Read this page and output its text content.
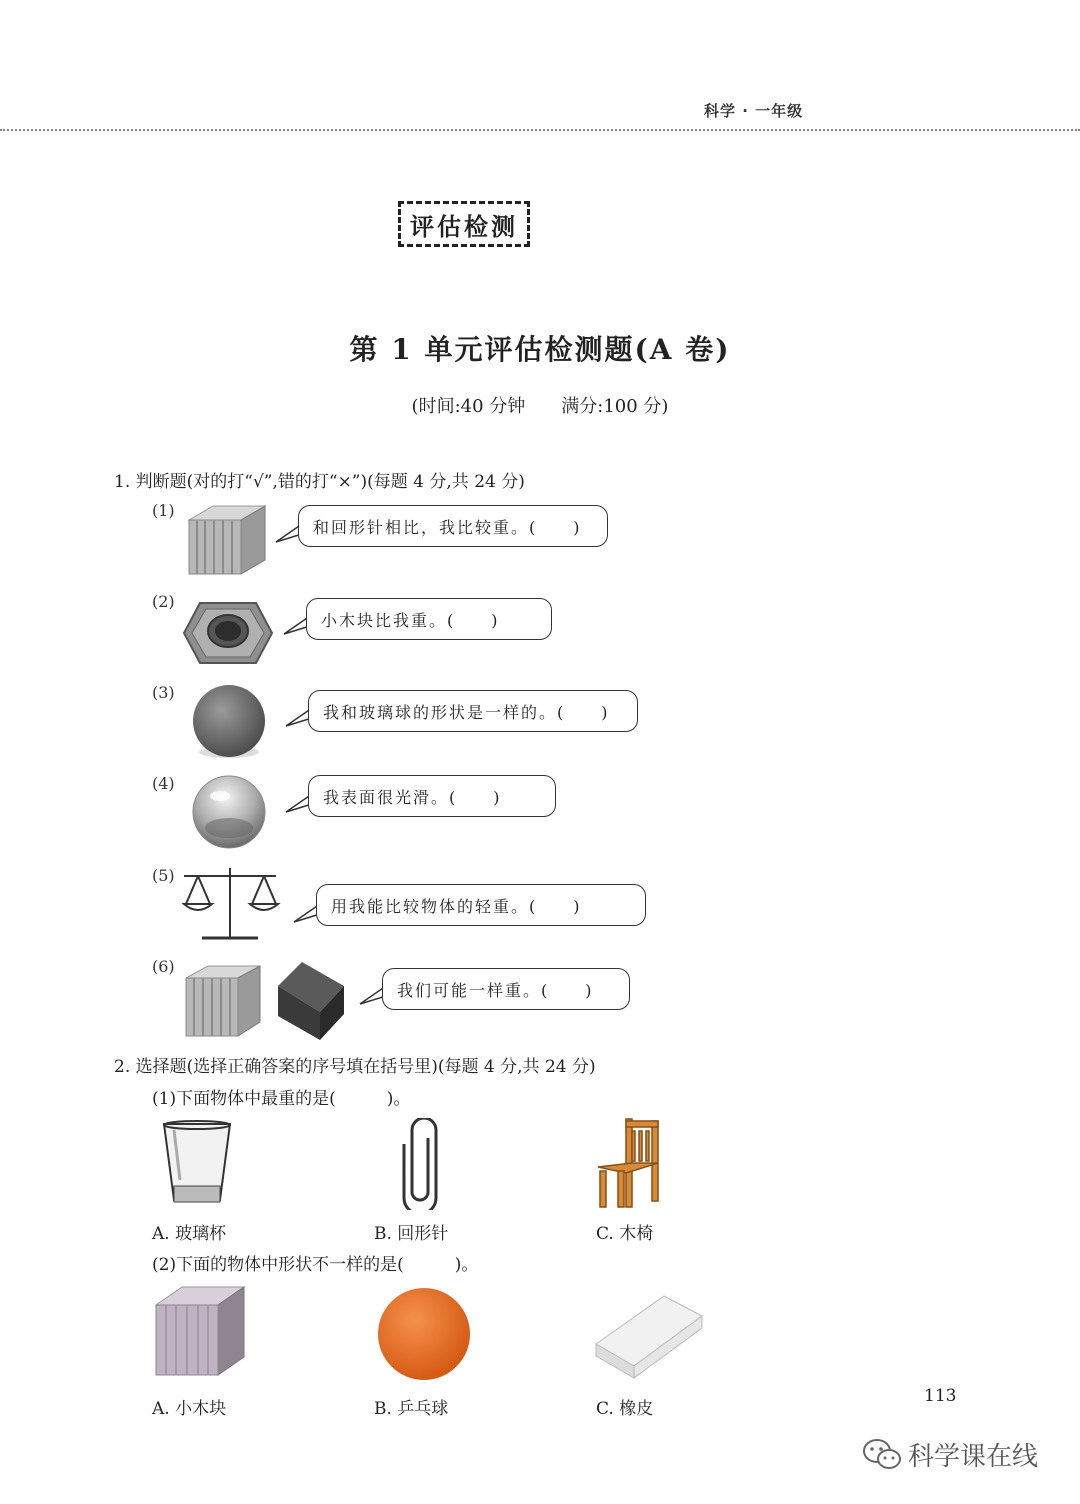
科学 · 一年级
评估检测
第 1 单元评估检测题(A 卷)
(时间:40 分钟　　满分:100 分)
1. 判断题(对的打“√”,错的打“×”)(每题 4 分,共 24 分)
(1)
和回形针相比，我比较重。(　　)
(2)
小木块比我重。(　　)
(3)
我和玻璃球的形状是一样的。(　　)
(4)
我表面很光滑。(　　)
(5)
用我能比较物体的轻重。(　　)
(6)
我们可能一样重。(　　)
2. 选择题(选择正确答案的序号填在括号里)(每题 4 分,共 24 分)
(1)下面物体中最重的是(　　　)。
A. 玻璃杯	B. 回形针	C. 木椅
(2)下面的物体中形状不一样的是(　　　)。
A. 小木块	B. 乒乓球	C. 橡皮
113
科学课在线
